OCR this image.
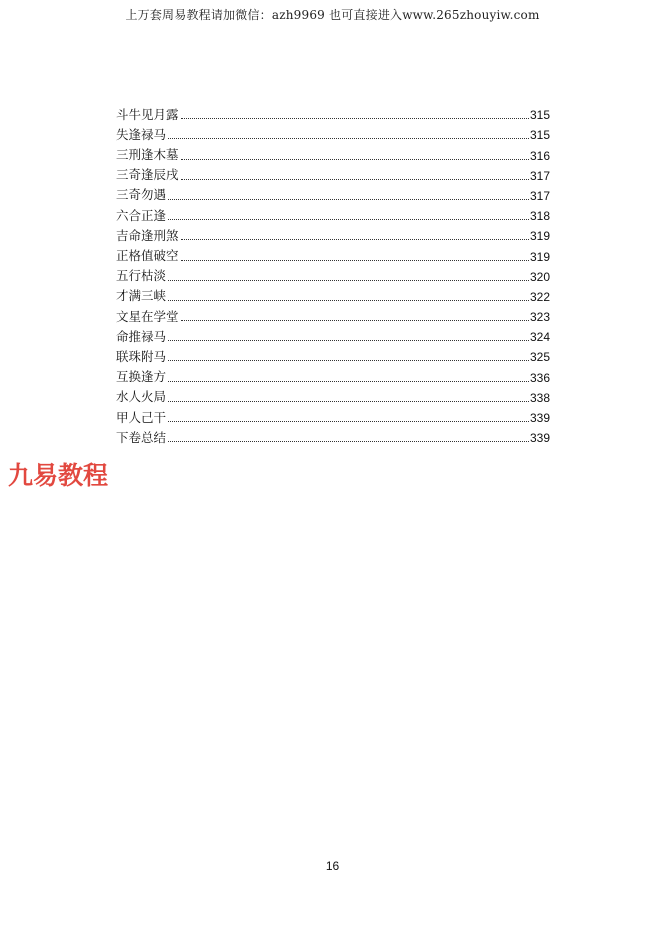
上万套周易教程请加微信：azh9969 也可直接进入www.265zhouyiw.com
斗牛见月露	315
失逢禄马	315
三刑逢木墓	316
三奇逢辰戌	317
三奇勿遇	317
六合正逢	318
吉命逢刑煞	319
正格值破空	319
五行枯淡	320
才满三峡	322
文星在学堂	323
命推禄马	324
联珠附马	325
互换逢方	336
水人火局	338
甲人己干	339
下卷总结	339
九易教程
16
